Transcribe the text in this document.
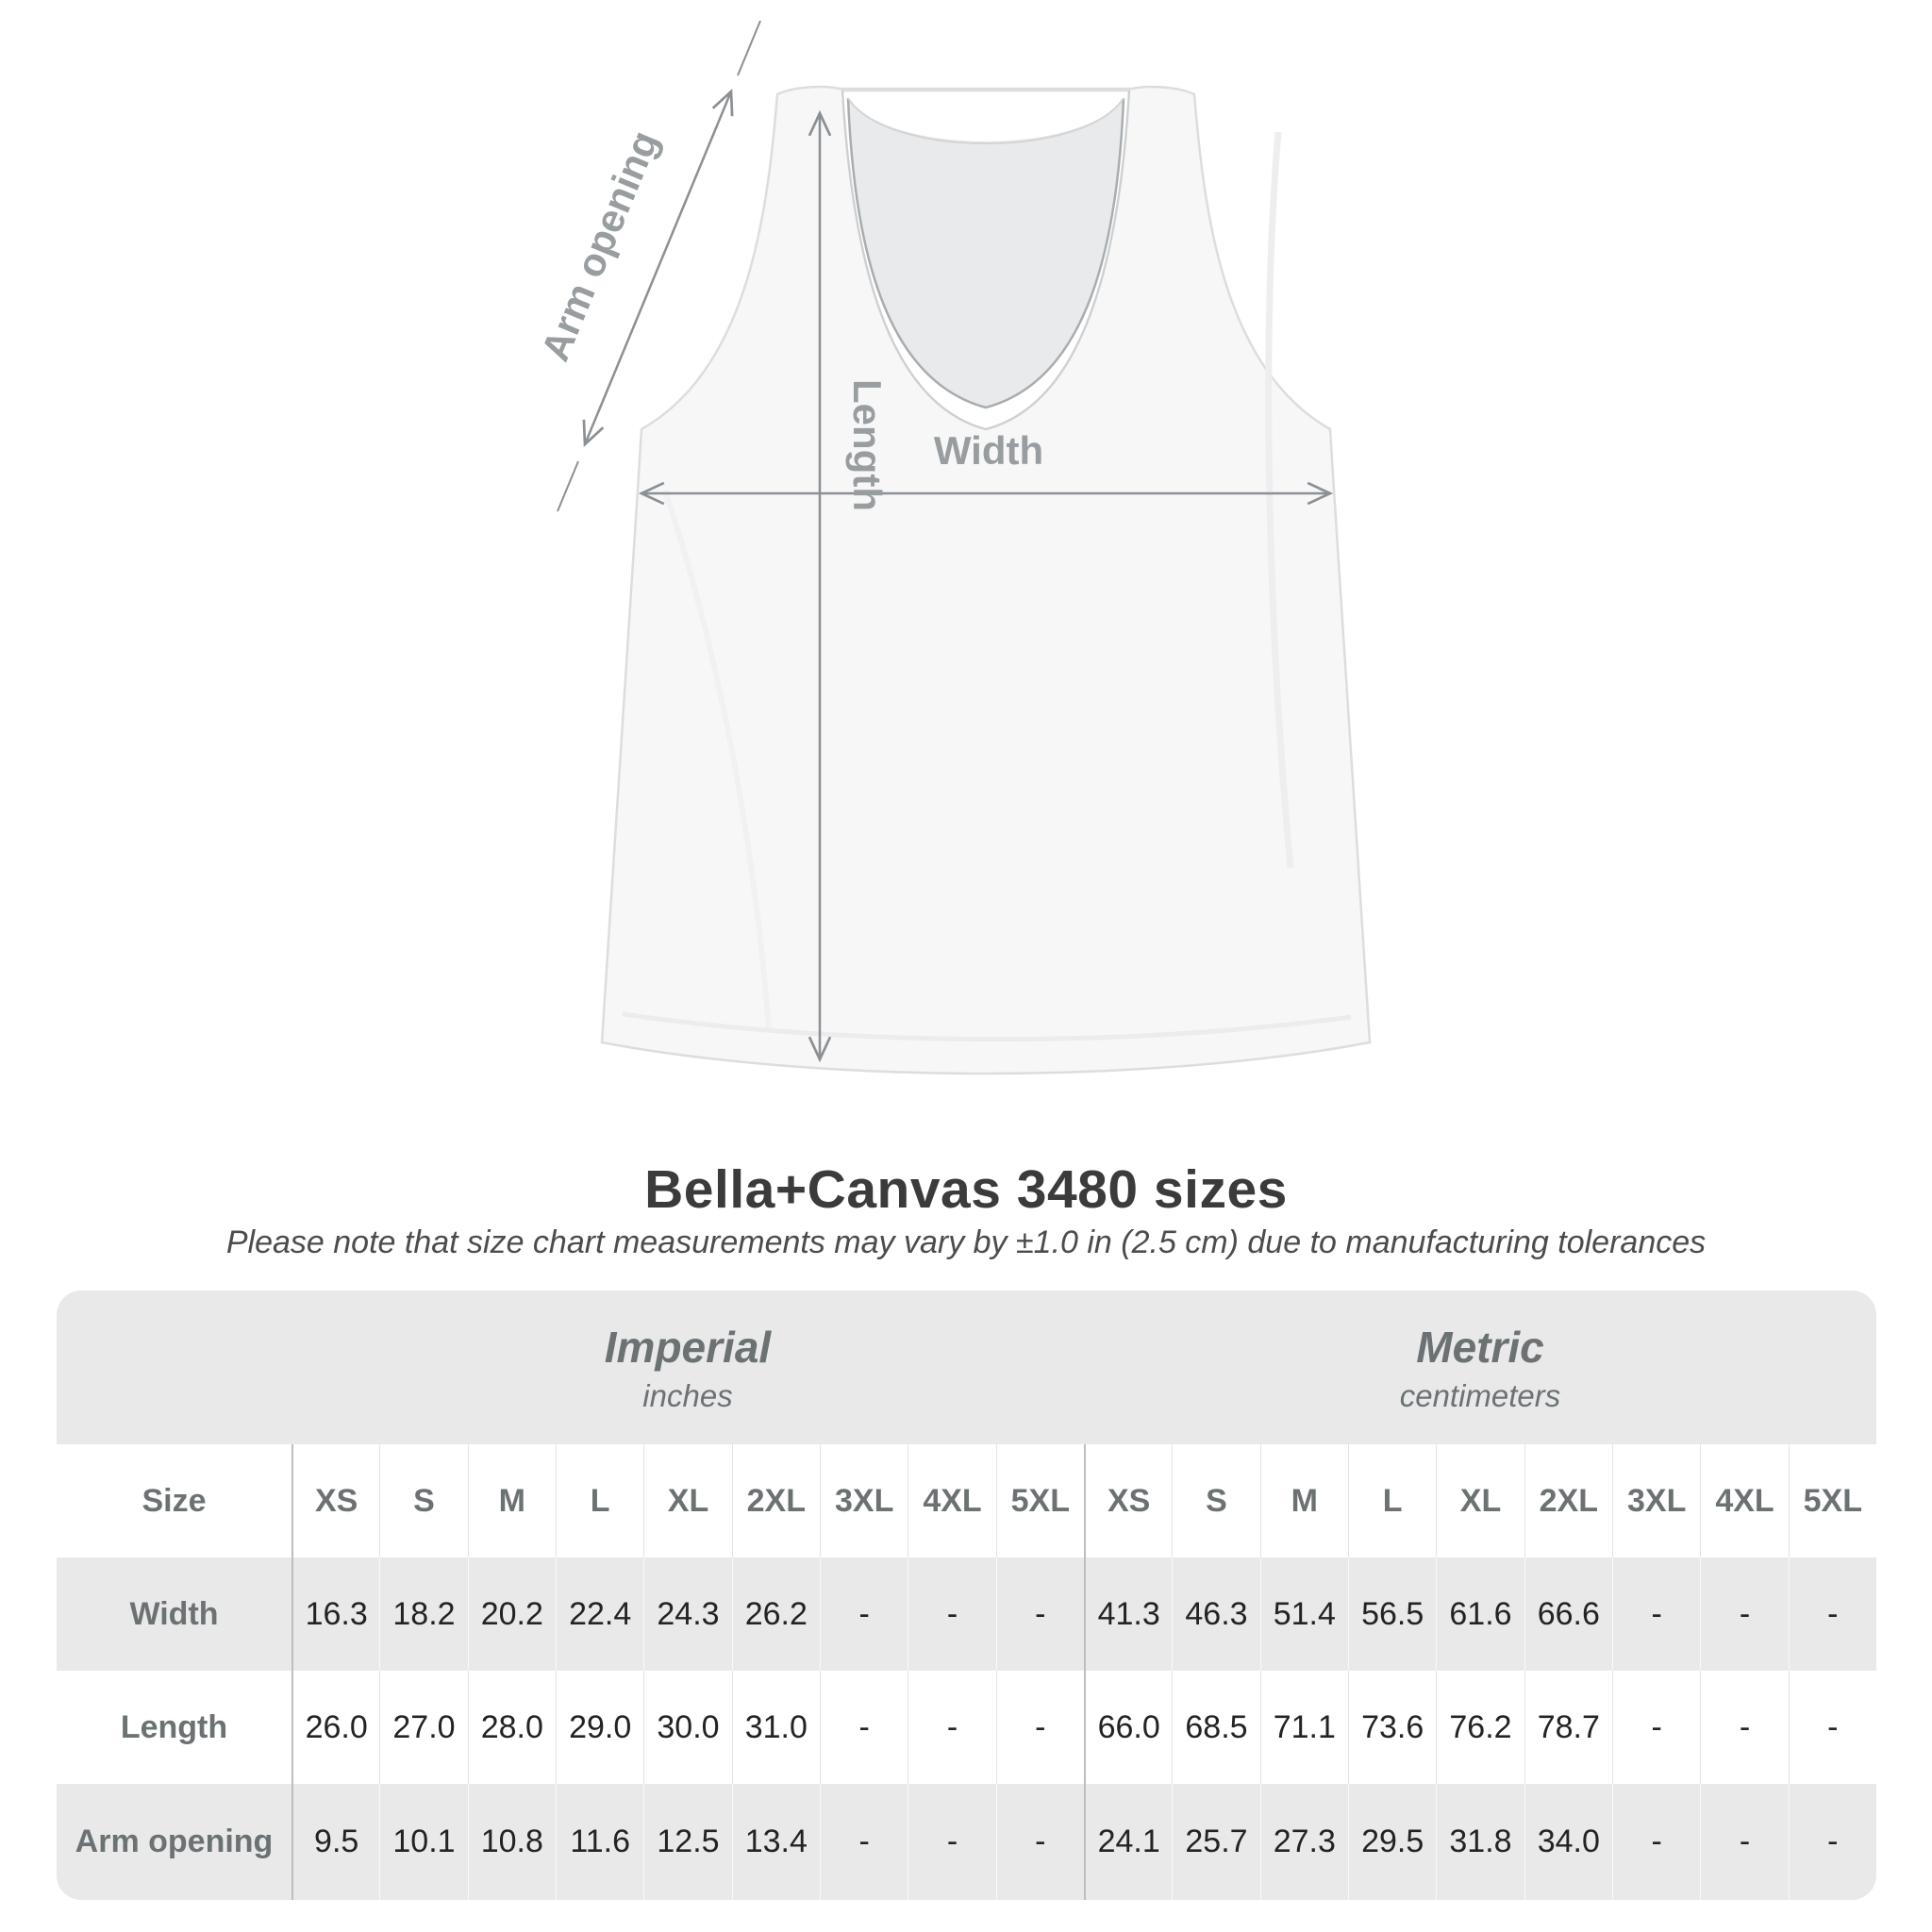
Arm opening
Length Width
Bella+Canvas 3480 sizes
Please note that size chart measurements may vary by ±1.0 in (2.5 cm) due to manufacturing tolerances
Imperial
inches
Metric
centimeters
Size	XS	S	M	L	XL	2XL 3XL 4XL 5XL	XS	S	M	L	XL	2XL 3XL 4XL 5XL
Width	16.3 18.2 20.2 22.4 24.3 26.2	-	-	-	41.3 46.3 51.4 56.5 61.6 66.6	-	-	-
Length	26.0 27.0 28.0 29.0 30.0 31.0	-	-	-	66.0 68.5 71.1 73.6 76.2 78.7	-	-	-
Arm opening	9.5	10.1 10.8 11.6 12.5 13.4	-	-	-	24.1 25.7 27.3 29.5 31.8 34.0	-	-	-
